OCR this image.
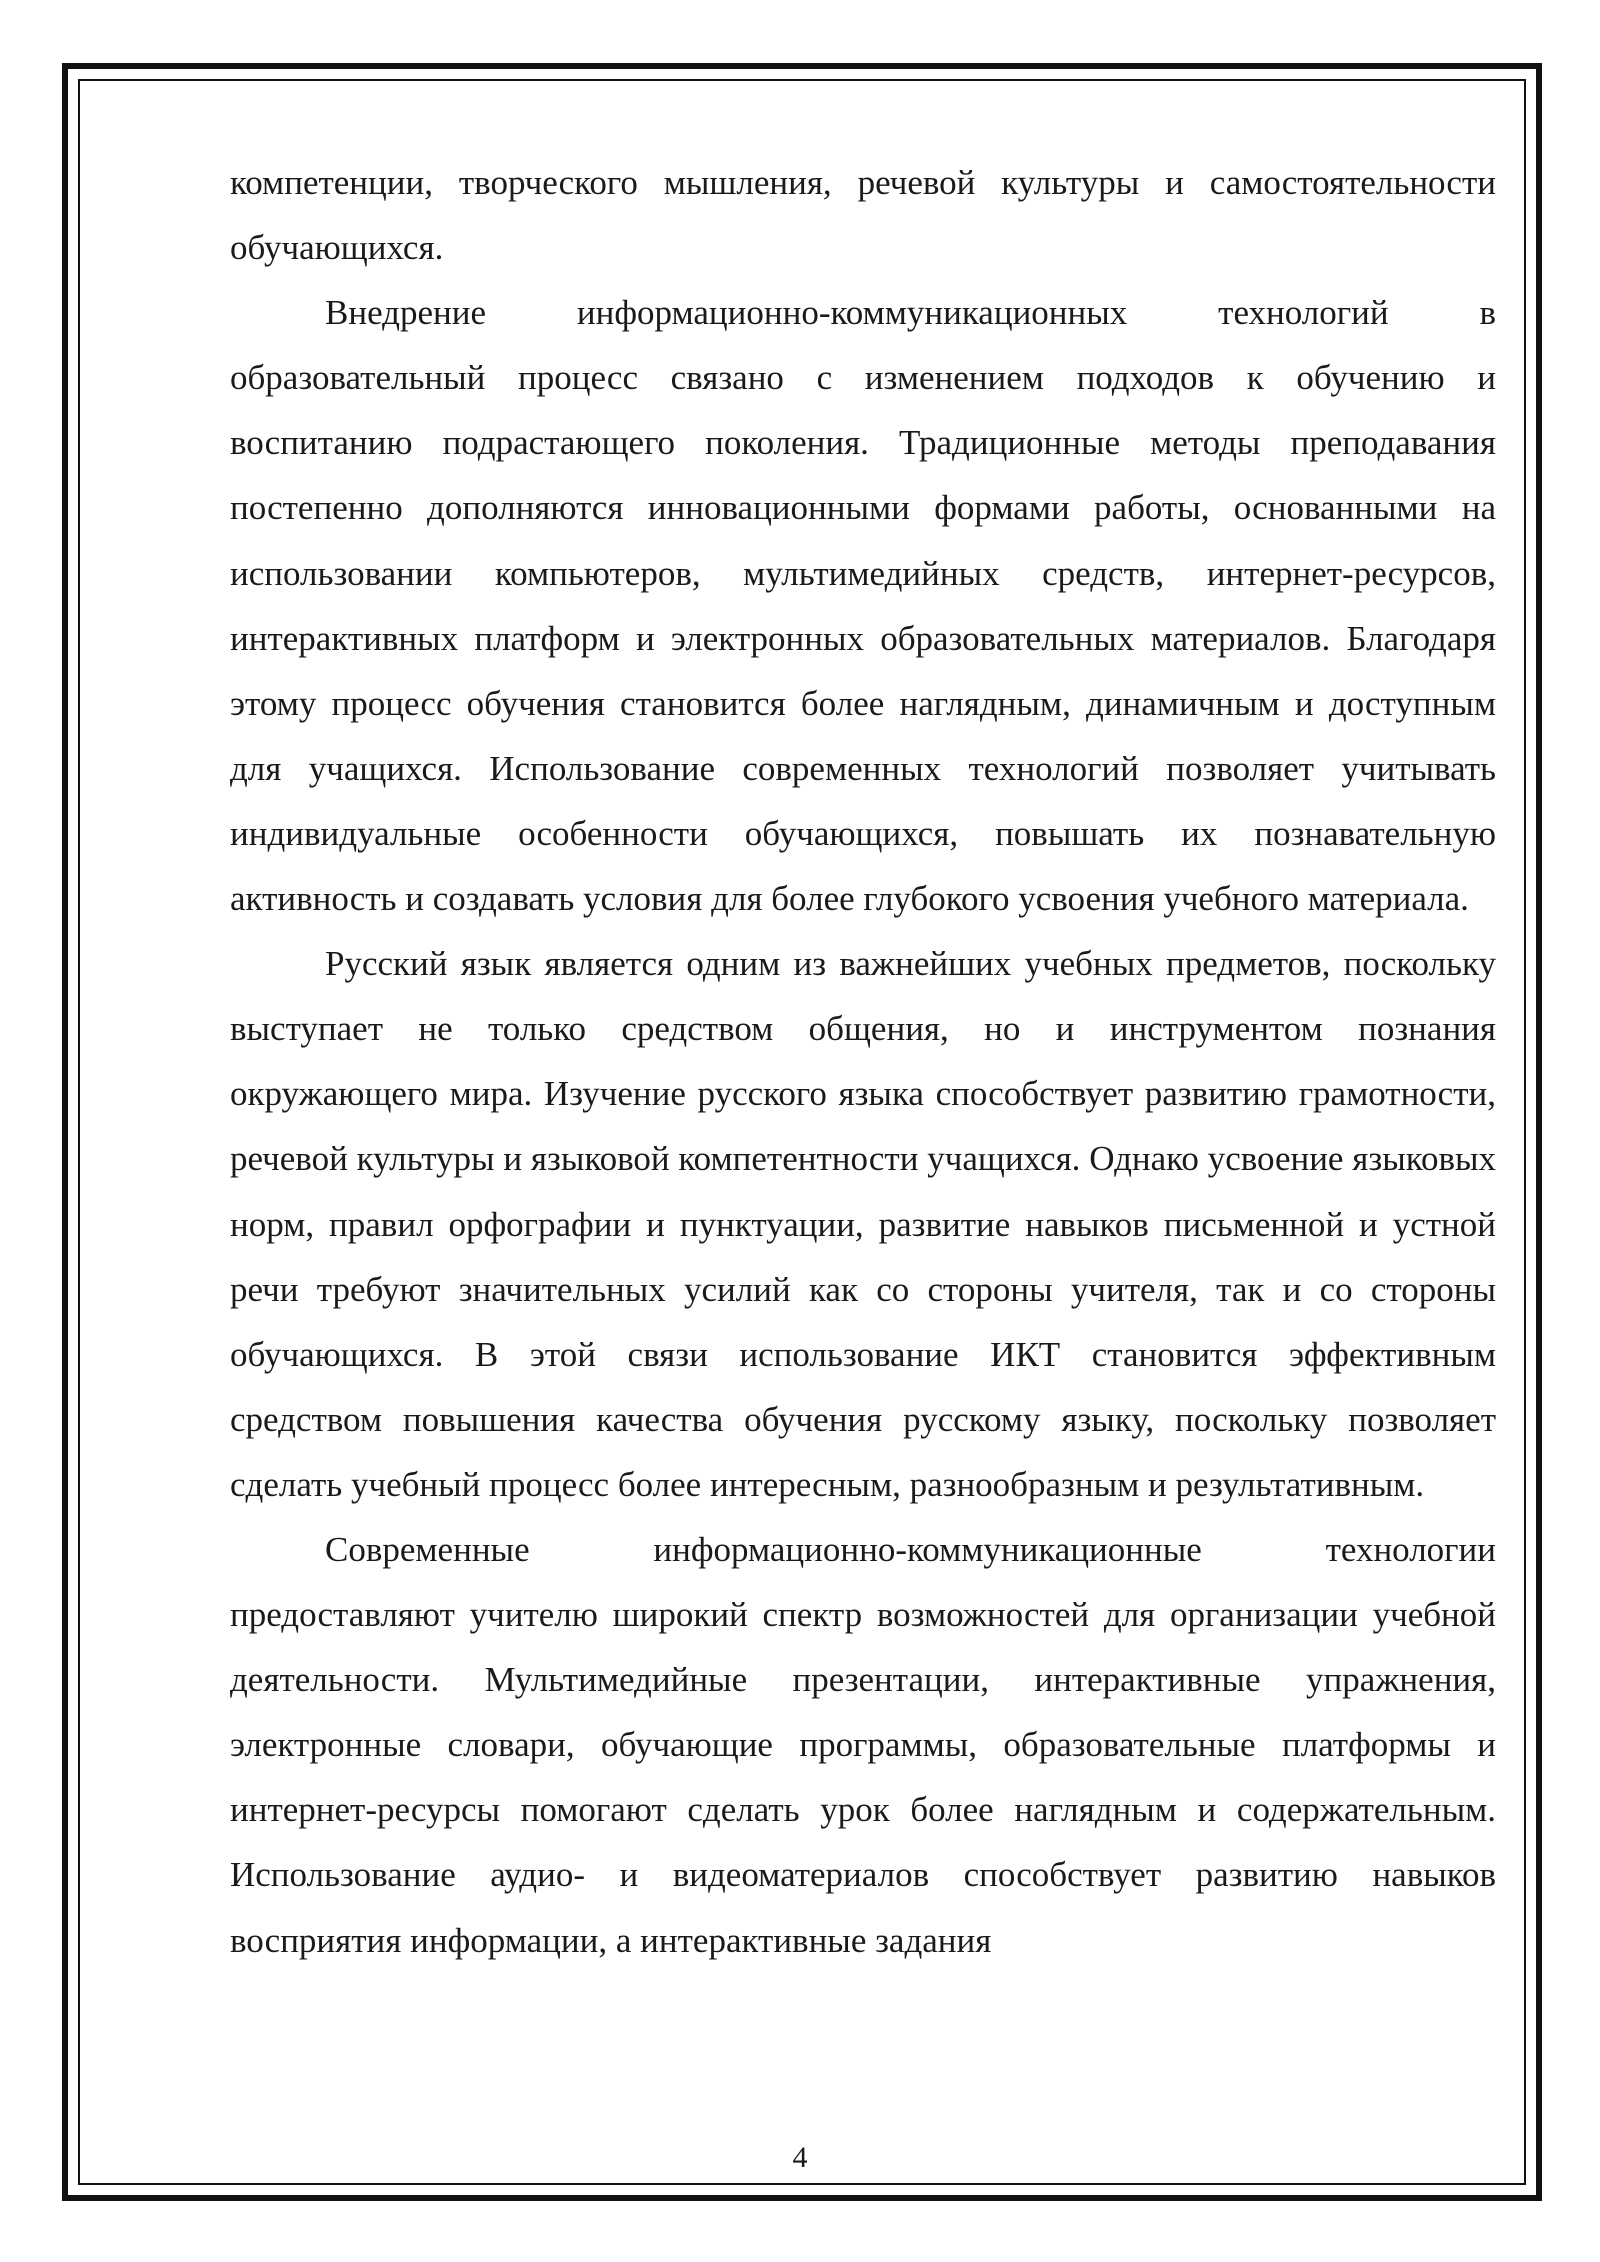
компетенции, творческого мышления, речевой культуры и самостоятельности обучающихся.

Внедрение информационно-коммуникационных технологий в образовательный процесс связано с изменением подходов к обучению и воспитанию подрастающего поколения. Традиционные методы преподавания постепенно дополняются инновационными формами работы, основанными на использовании компьютеров, мультимедийных средств, интернет-ресурсов, интерактивных платформ и электронных образовательных материалов. Благодаря этому процесс обучения становится более наглядным, динамичным и доступным для учащихся. Использование современных технологий позволяет учитывать индивидуальные особенности обучающихся, повышать их познавательную активность и создавать условия для более глубокого усвоения учебного материала.

Русский язык является одним из важнейших учебных предметов, поскольку выступает не только средством общения, но и инструментом познания окружающего мира. Изучение русского языка способствует развитию грамотности, речевой культуры и языковой компетентности учащихся. Однако усвоение языковых норм, правил орфографии и пунктуации, развитие навыков письменной и устной речи требуют значительных усилий как со стороны учителя, так и со стороны обучающихся. В этой связи использование ИКТ становится эффективным средством повышения качества обучения русскому языку, поскольку позволяет сделать учебный процесс более интересным, разнообразным и результативным.

Современные информационно-коммуникационные технологии предоставляют учителю широкий спектр возможностей для организации учебной деятельности. Мультимедийные презентации, интерактивные упражнения, электронные словари, обучающие программы, образовательные платформы и интернет-ресурсы помогают сделать урок более наглядным и содержательным. Использование аудио- и видеоматериалов способствует развитию навыков восприятия информации, а интерактивные задания

4
